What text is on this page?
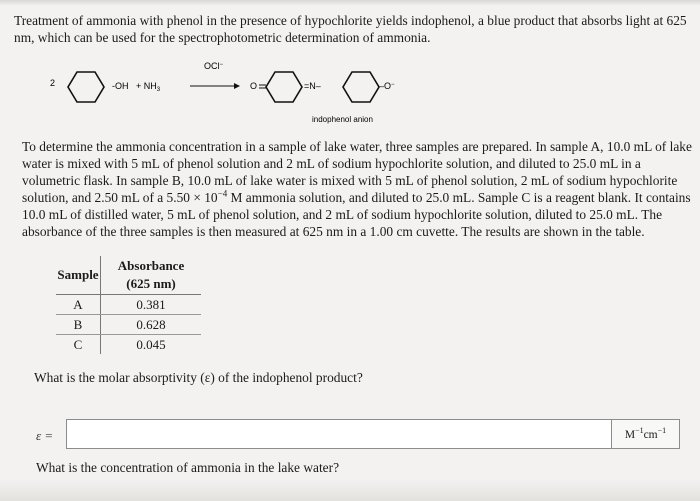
Treatment of ammonia with phenol in the presence of hypochlorite yields indophenol, a blue product that absorbs light at 625 nm, which can be used for the spectrophotometric determination of ammonia.
2	$-OH + NH_3$
OCl−
O	=N–	–O−
indophenol anion
To determine the ammonia concentration in a sample of lake water, three samples are prepared. In sample A, 10.0 mL of lake water is mixed with 5 mL of phenol solution and 2 mL of sodium hypochlorite solution, and diluted to 25.0 mL in a volumetric flask. In sample B, 10.0 mL of lake water is mixed with 5 mL of phenol solution, 2 mL of sodium hypochlorite solution, and 2.50 mL of a $5.50 \times 10^{-4}$ M ammonia solution, and diluted to 25.0 mL. Sample C is a reagent blank. It contains 10.0 mL of distilled water, 5 mL of phenol solution, and 2 mL of sodium hypochlorite solution, diluted to 25.0 mL. The absorbance of the three samples is then measured at 625 nm in a 1.00 cm cuvette. The results are shown in the table.
Sample	Absorbance
(625 nm)
A	0.381
B	0.628
C	0.045
What is the molar absorptivity (ε) of the indophenol product?
ε =	$M^{-1}cm^{-1}$
What is the concentration of ammonia in the lake water?
